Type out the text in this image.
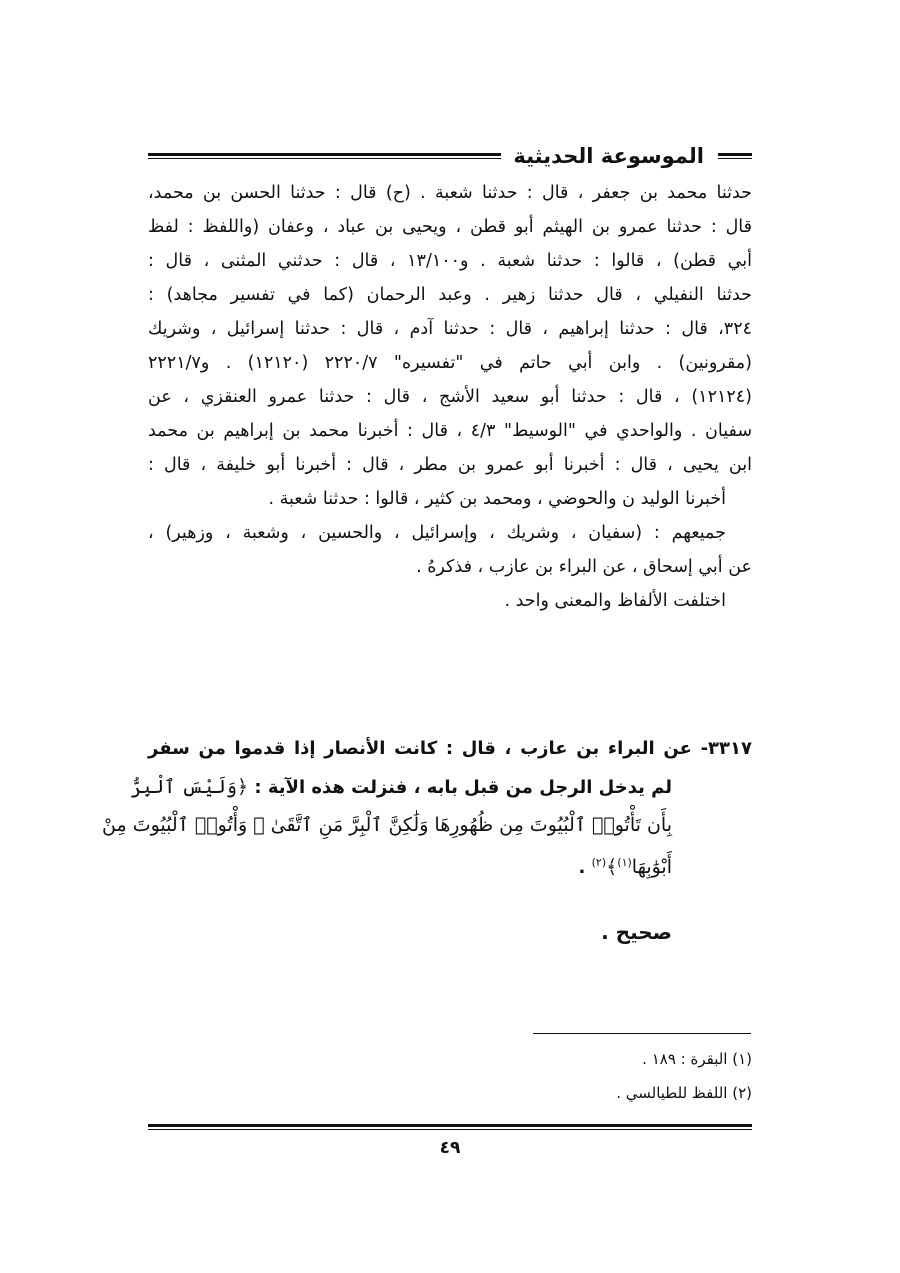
الموسوعة الحديثية
حدثنا محمد بن جعفر ، قال : حدثنا شعبة . (ح) قال : حدثنا الحسن بن محمد،
قال : حدثنا عمرو بن الهيثم أبو قطن ، ويحيى بن عباد ، وعفان (واللفظ : لفظ
أبي قطن) ، قالوا : حدثنا شعبة . و١٣/١٠٠ ، قال : حدثني المثنى ، قال :
حدثنا النفيلي ، قال حدثنا زهير . وعبد الرحمان (كما في تفسير مجاهد) :
٣٢٤، قال : حدثنا إبراهيم ، قال : حدثنا آدم ، قال : حدثنا إسرائيل ، وشريك
(مقرونين) . وابن أبي حاتم في "تفسيره" ٢٢٢٠/٧ (١٢١٢٠) . و٢٢٢١/٧
(١٢١٢٤) ، قال : حدثنا أبو سعيد الأشج ، قال : حدثنا عمرو العنقزي ، عن
سفيان . والواحدي في "الوسيط" ٤/٣ ، قال : أخبرنا محمد بن إبراهيم بن محمد
ابن يحيى ، قال : أخبرنا أبو عمرو بن مطر ، قال : أخبرنا أبو خليفة ، قال :
أخبرنا الوليد ن والحوضي ، ومحمد بن كثير ، قالوا : حدثنا شعبة .
جميعهم : (سفيان ، وشريك ، وإسرائيل ، والحسين ، وشعبة ، وزهير) ،
عن أبي إسحاق ، عن البراء بن عازب ، فذكرهُ .
اختلفت الألفاظ والمعنى واحد .
٣٣١٧- عن البراء بن عازب ، قال : كانت الأنصار إذا قدموا من سفر
لم يدخل الرجل من قبل بابه ، فنزلت هذه الآية : ﴿وَلَيْسَ ٱلْبِرُّ
بِأَن تَأْتُوا۟ ٱلْبُيُوتَ مِن ظُهُورِهَا وَلَٰكِنَّ ٱلْبِرَّ مَنِ ٱتَّقَىٰ ۗ وَأْتُوا۟ ٱلْبُيُوتَ مِنْ
أَبْوَٰبِهَا$^{(١)}$﴾$^{(٢)}$ .
صحيح .
(١) البقرة : ١٨٩ .
(٢) اللفظ للطيالسي .
٤٩
